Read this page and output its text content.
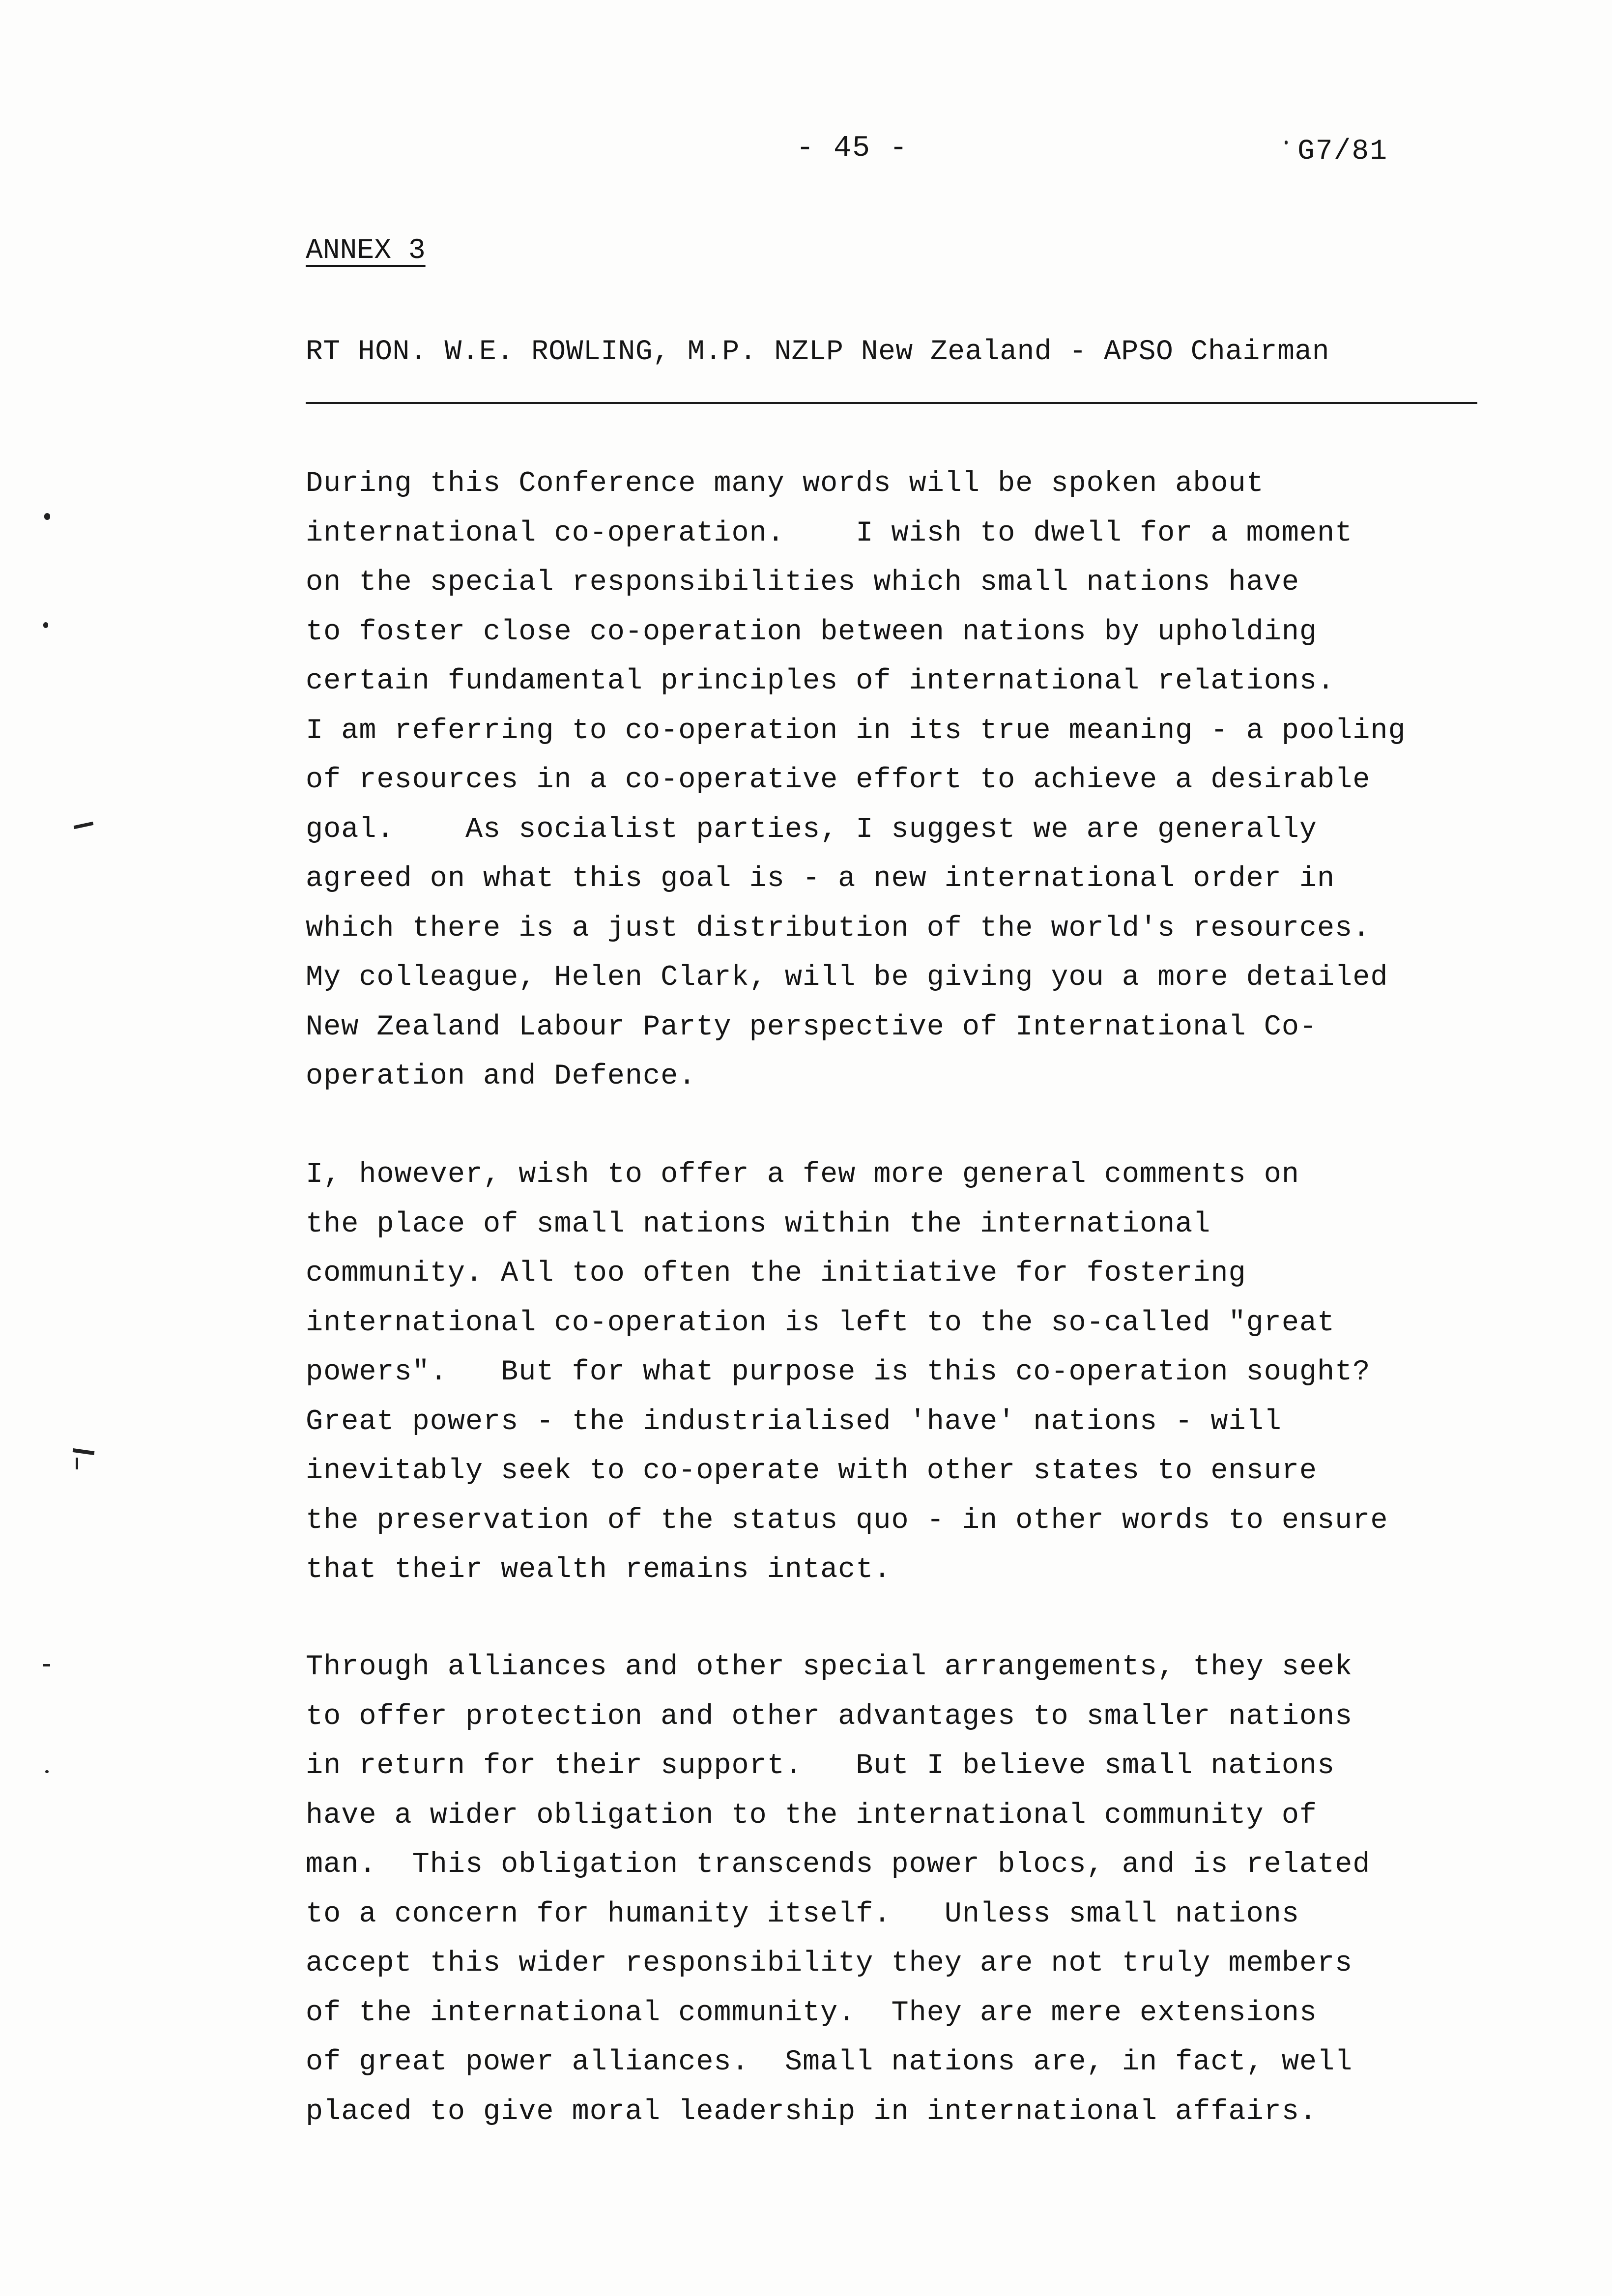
- 45 -	G7/81
ANNEX 3
RT HON. W.E. ROWLING, M.P. NZLP New Zealand - APSO Chairman
During this Conference many words will be spoken about
international co-operation.    I wish to dwell for a moment
on the special responsibilities which small nations have
to foster close co-operation between nations by upholding
certain fundamental principles of international relations.
I am referring to co-operation in its true meaning - a pooling
of resources in a co-operative effort to achieve a desirable
goal.    As socialist parties, I suggest we are generally
agreed on what this goal is - a new international order in
which there is a just distribution of the world's resources.
My colleague, Helen Clark, will be giving you a more detailed
New Zealand Labour Party perspective of International Co-
operation and Defence.
I, however, wish to offer a few more general comments on
the place of small nations within the international
community. All too often the initiative for fostering
international co-operation is left to the so-called "great
powers".   But for what purpose is this co-operation sought?
Great powers - the industrialised 'have' nations - will
inevitably seek to co-operate with other states to ensure
the preservation of the status quo - in other words to ensure
that their wealth remains intact.
Through alliances and other special arrangements, they seek
to offer protection and other advantages to smaller nations
in return for their support.   But I believe small nations
have a wider obligation to the international community of
man.  This obligation transcends power blocs, and is related
to a concern for humanity itself.   Unless small nations
accept this wider responsibility they are not truly members
of the international community.  They are mere extensions
of great power alliances.  Small nations are, in fact, well
placed to give moral leadership in international affairs.
